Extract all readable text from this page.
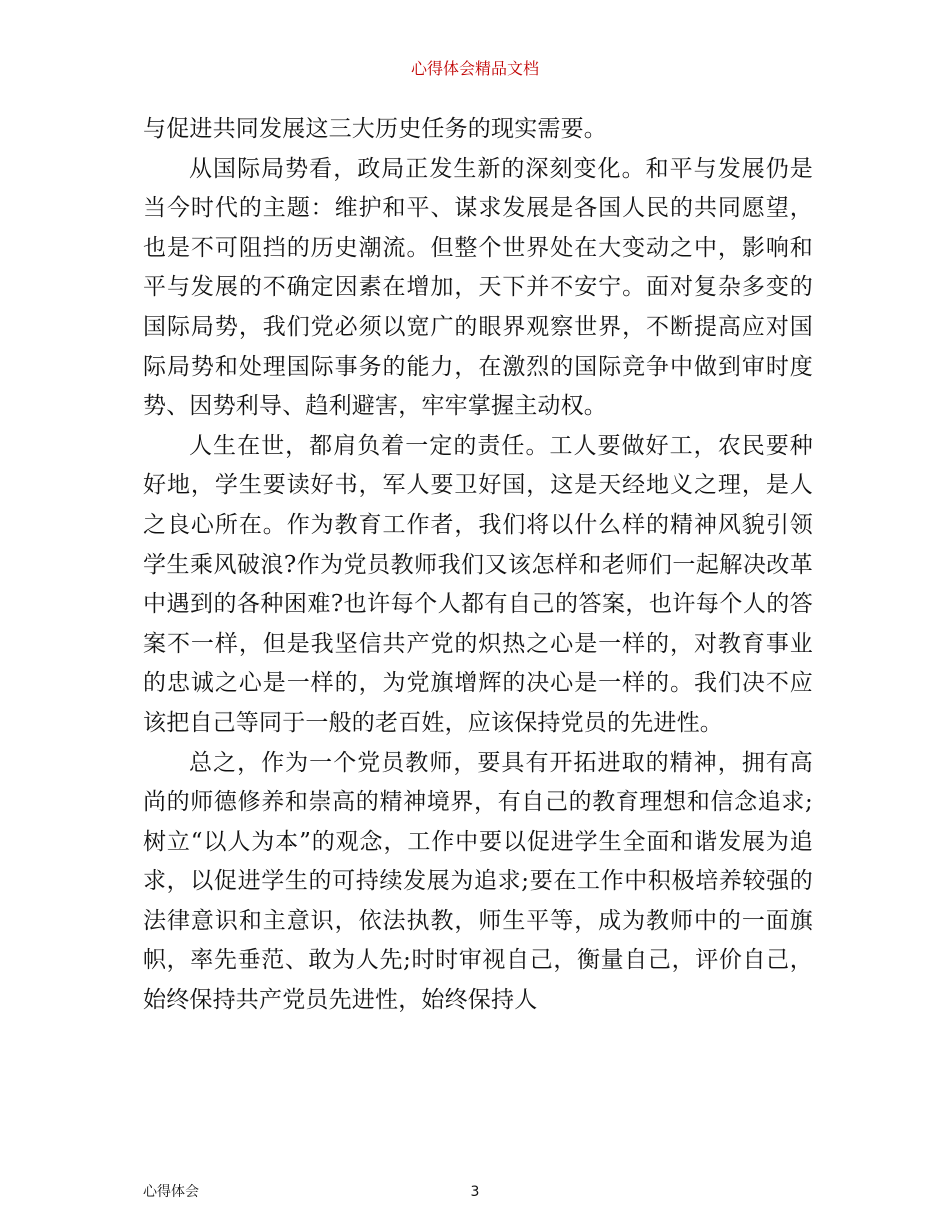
心得体会精品文档

与促进共同发展这三大历史任务的现实需要。

从国际局势看，政局正发生新的深刻变化。和平与发展仍是当今时代的主题：维护和平、谋求发展是各国人民的共同愿望，也是不可阻挡的历史潮流。但整个世界处在大变动之中，影响和平与发展的不确定因素在增加，天下并不安宁。面对复杂多变的国际局势，我们党必须以宽广的眼界观察世界，不断提高应对国际局势和处理国际事务的能力，在激烈的国际竞争中做到审时度势、因势利导、趋利避害，牢牢掌握主动权。

人生在世，都肩负着一定的责任。工人要做好工，农民要种好地，学生要读好书，军人要卫好国，这是天经地义之理，是人之良心所在。作为教育工作者，我们将以什么样的精神风貌引领学生乘风破浪?作为党员教师我们又该怎样和老师们一起解决改革中遇到的各种困难?也许每个人都有自己的答案，也许每个人的答案不一样，但是我坚信共产党的炽热之心是一样的，对教育事业的忠诚之心是一样的，为党旗增辉的决心是一样的。我们决不应该把自己等同于一般的老百姓，应该保持党员的先进性。

总之，作为一个党员教师，要具有开拓进取的精神，拥有高尚的师德修养和崇高的精神境界，有自己的教育理想和信念追求;树立“以人为本”的观念，工作中要以促进学生全面和谐发展为追求，以促进学生的可持续发展为追求;要在工作中积极培养较强的法律意识和主意识，依法执教，师生平等，成为教师中的一面旗帜，率先垂范、敢为人先;时时审视自己，衡量自己，评价自己，始终保持共产党员先进性，始终保持人

心得体会	3
